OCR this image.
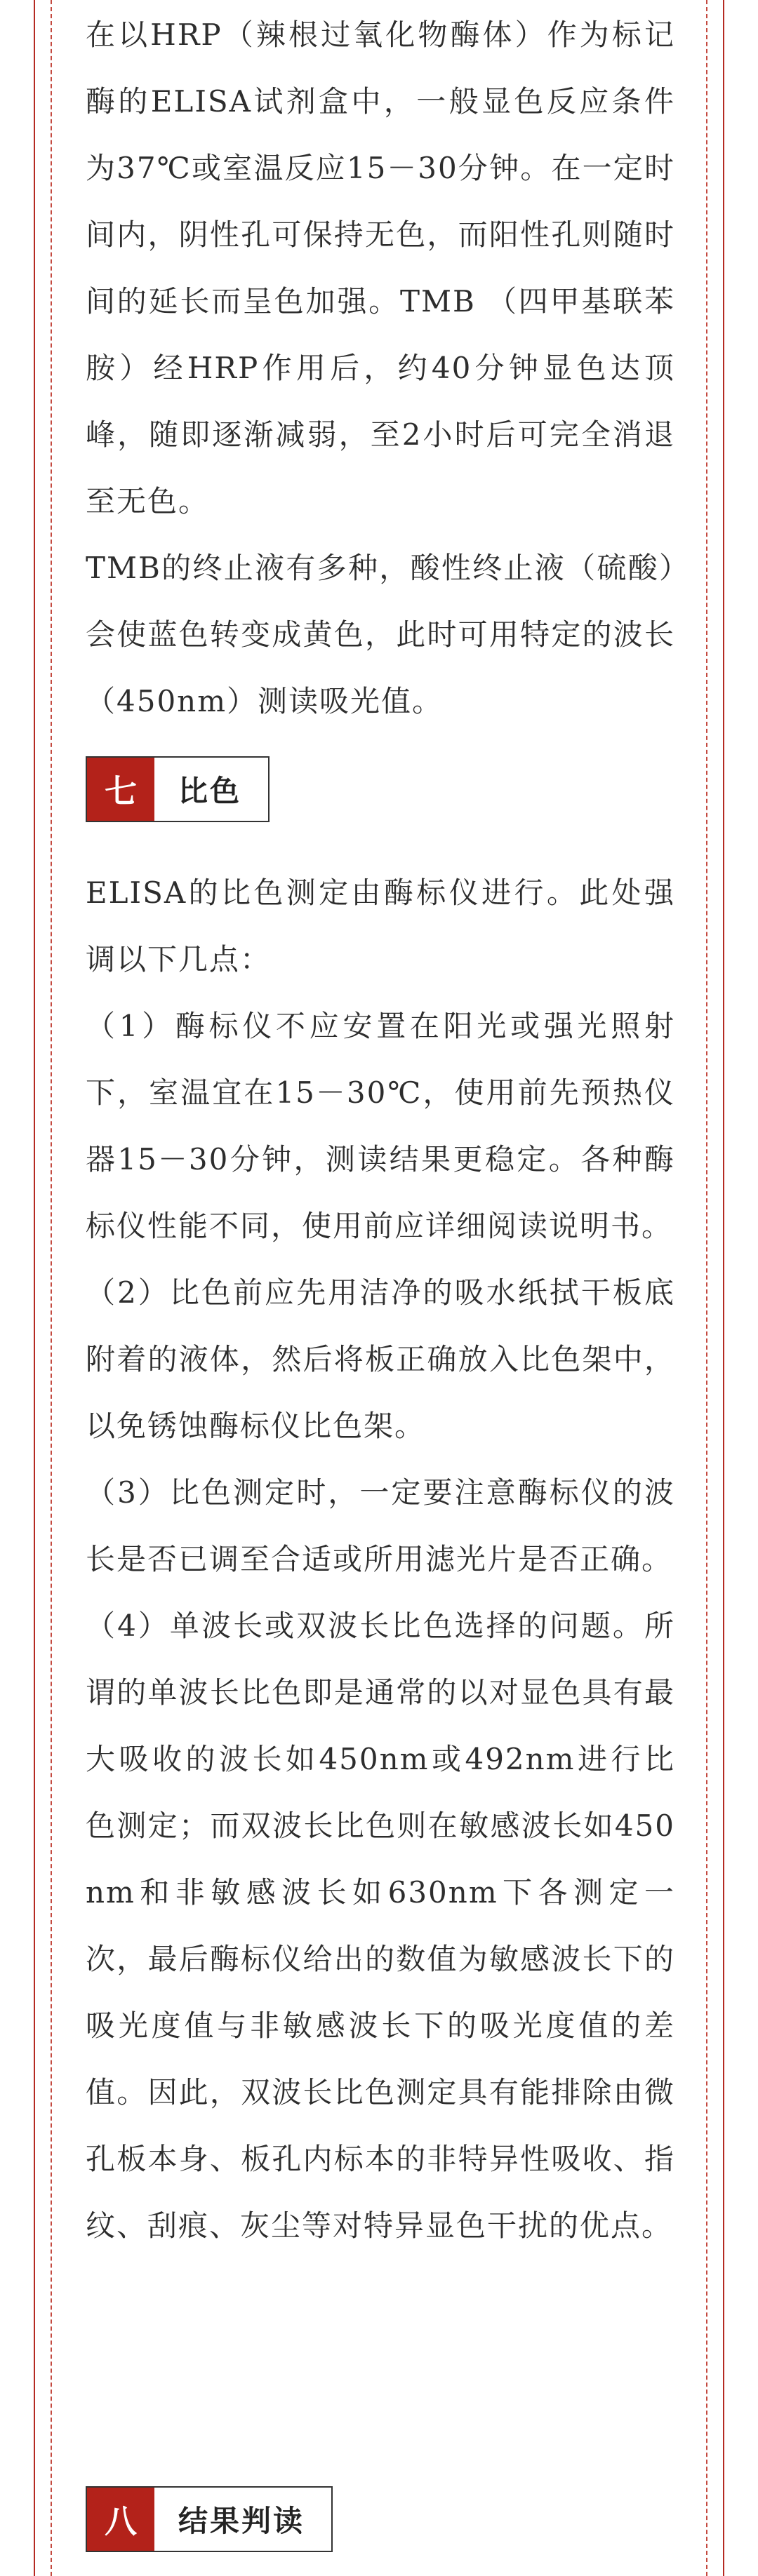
在以HRP（辣根过氧化物酶体）作为标记酶的ELISA试剂盒中，一般显色反应条件为37℃或室温反应15－30分钟。在一定时间内，阴性孔可保持无色，而阳性孔则随时间的延长而呈色加强。TMB （四甲基联苯胺）经HRP作用后，约40分钟显色达顶峰，随即逐渐减弱，至2小时后可完全消退至无色。

TMB的终止液有多种，酸性终止液（硫酸）会使蓝色转变成黄色，此时可用特定的波长（450nm）测读吸光值。

七	比色

ELISA的比色测定由酶标仪进行。此处强调以下几点：

（1）酶标仪不应安置在阳光或强光照射下，室温宜在15－30℃，使用前先预热仪器15－30分钟，测读结果更稳定。各种酶标仪性能不同，使用前应详细阅读说明书。

（2）比色前应先用洁净的吸水纸拭干板底附着的液体，然后将板正确放入比色架中，以免锈蚀酶标仪比色架。

（3）比色测定时，一定要注意酶标仪的波长是否已调至合适或所用滤光片是否正确。

（4）单波长或双波长比色选择的问题。所谓的单波长比色即是通常的以对显色具有最大吸收的波长如450nm或492nm进行比色测定；而双波长比色则在敏感波长如450nm和非敏感波长如630nm下各测定一次，最后酶标仪给出的数值为敏感波长下的吸光度值与非敏感波长下的吸光度值的差值。因此，双波长比色测定具有能排除由微孔板本身、板孔内标本的非特异性吸收、指纹、刮痕、灰尘等对特异显色干扰的优点。

八	结果判读
